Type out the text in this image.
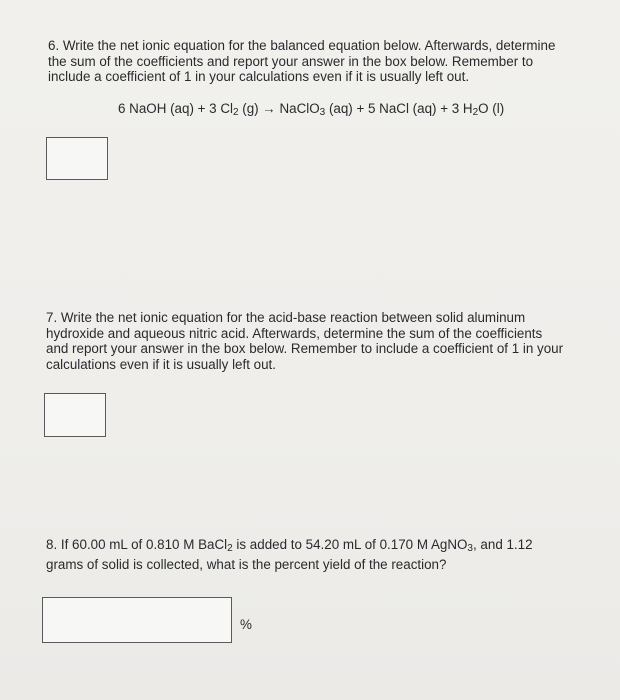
6. Write the net ionic equation for the balanced equation below. Afterwards, determine
the sum of the coefficients and report your answer in the box below. Remember to
include a coefficient of 1 in your calculations even if it is usually left out.

6 NaOH (aq) + 3 $Cl_2$ (g) → NaClO$_3$ (aq) + 5 NaCl (aq) + 3 $H_2O$ (l)

7. Write the net ionic equation for the acid-base reaction between solid aluminum
hydroxide and aqueous nitric acid. Afterwards, determine the sum of the coefficients
and report your answer in the box below. Remember to include a coefficient of 1 in your
calculations even if it is usually left out.

8. If 60.00 mL of 0.810 M BaCl$_2$ is added to 54.20 mL of 0.170 M AgNO$_3$, and 1.12
grams of solid is collected, what is the percent yield of the reaction?

%
